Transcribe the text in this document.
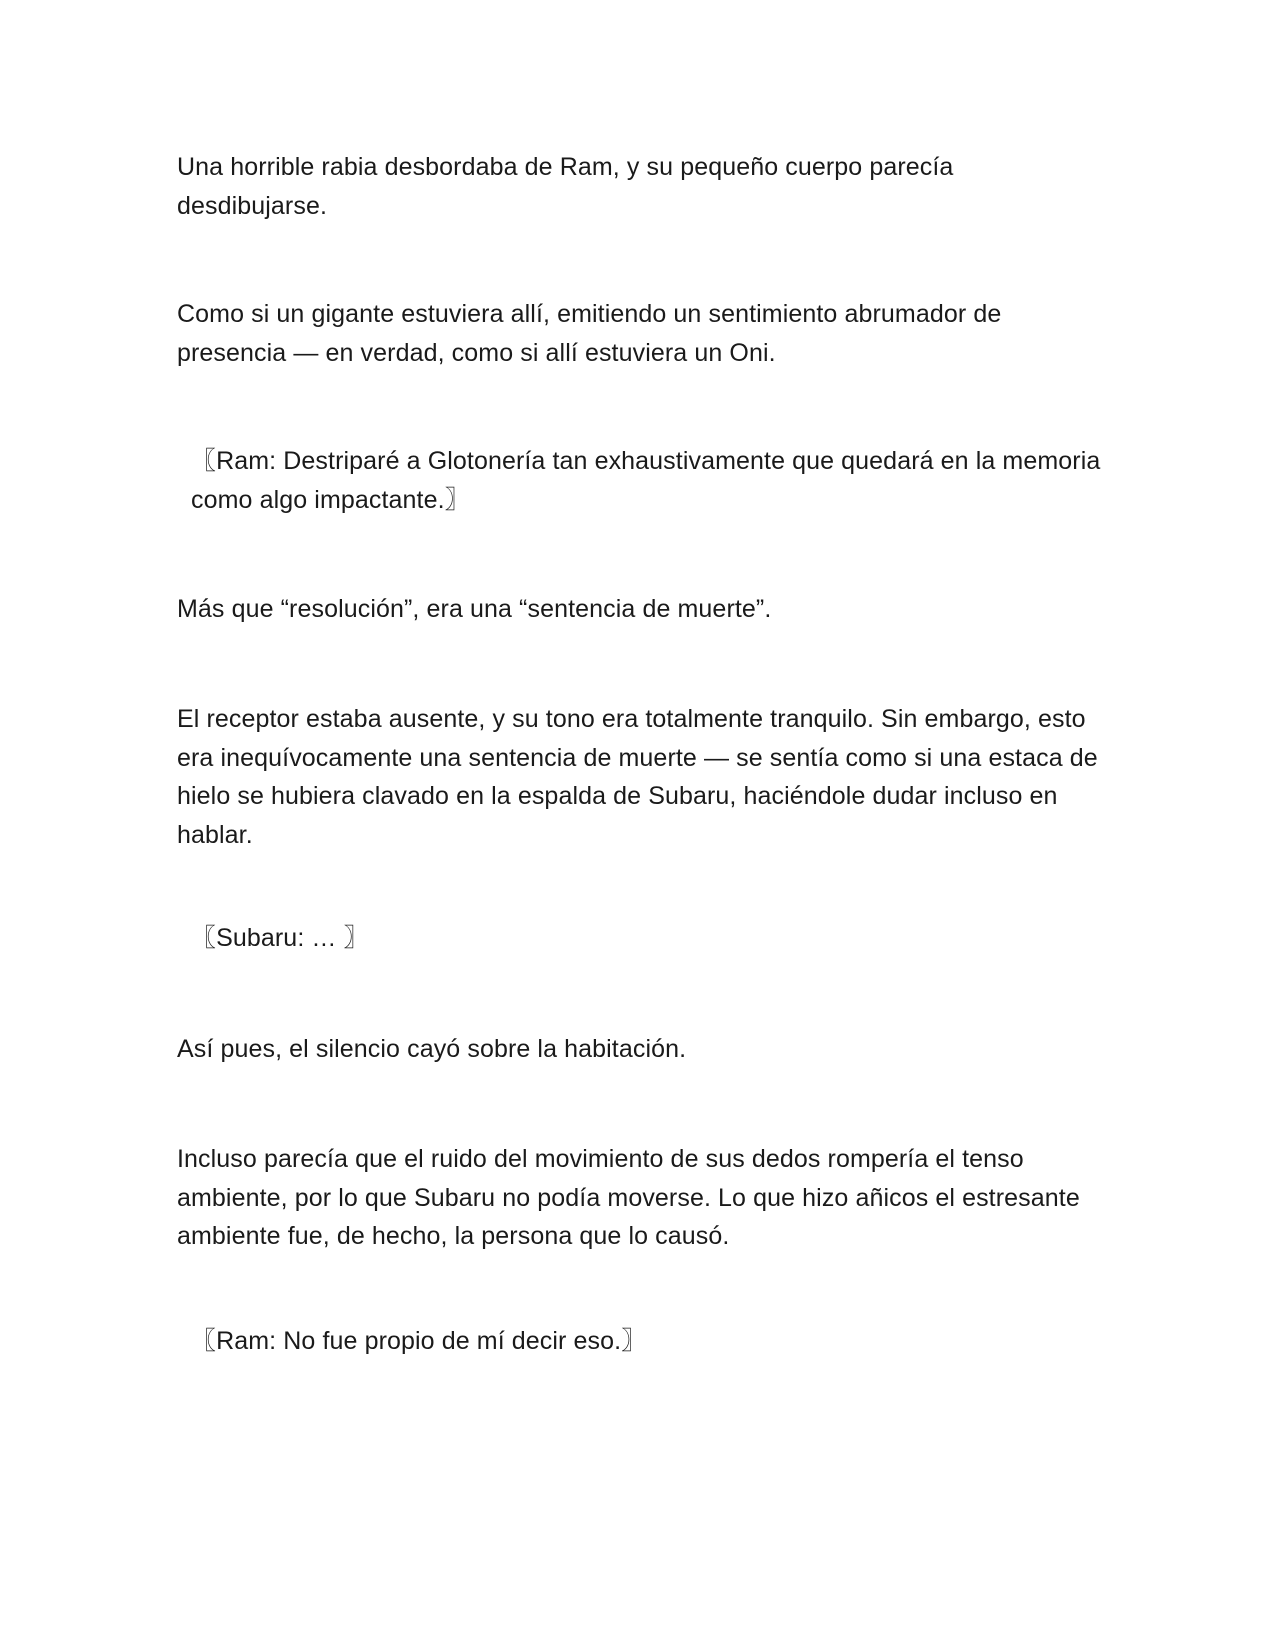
Una horrible rabia desbordaba de Ram, y su pequeño cuerpo parecía desdibujarse.

Como si un gigante estuviera allí, emitiendo un sentimiento abrumador de presencia — en verdad, como si allí estuviera un Oni.

〖Ram: Destriparé a Glotonería tan exhaustivamente que quedará en la memoria como algo impactante.〗

Más que “resolución”, era una “sentencia de muerte”.

El receptor estaba ausente, y su tono era totalmente tranquilo. Sin embargo, esto era inequívocamente una sentencia de muerte — se sentía como si una estaca de hielo se hubiera clavado en la espalda de Subaru, haciéndole dudar incluso en hablar.

〖Subaru: … 〗

Así pues, el silencio cayó sobre la habitación.

Incluso parecía que el ruido del movimiento de sus dedos rompería el tenso ambiente, por lo que Subaru no podía moverse. Lo que hizo añicos el estresante ambiente fue, de hecho, la persona que lo causó.

〖Ram: No fue propio de mí decir eso.〗
